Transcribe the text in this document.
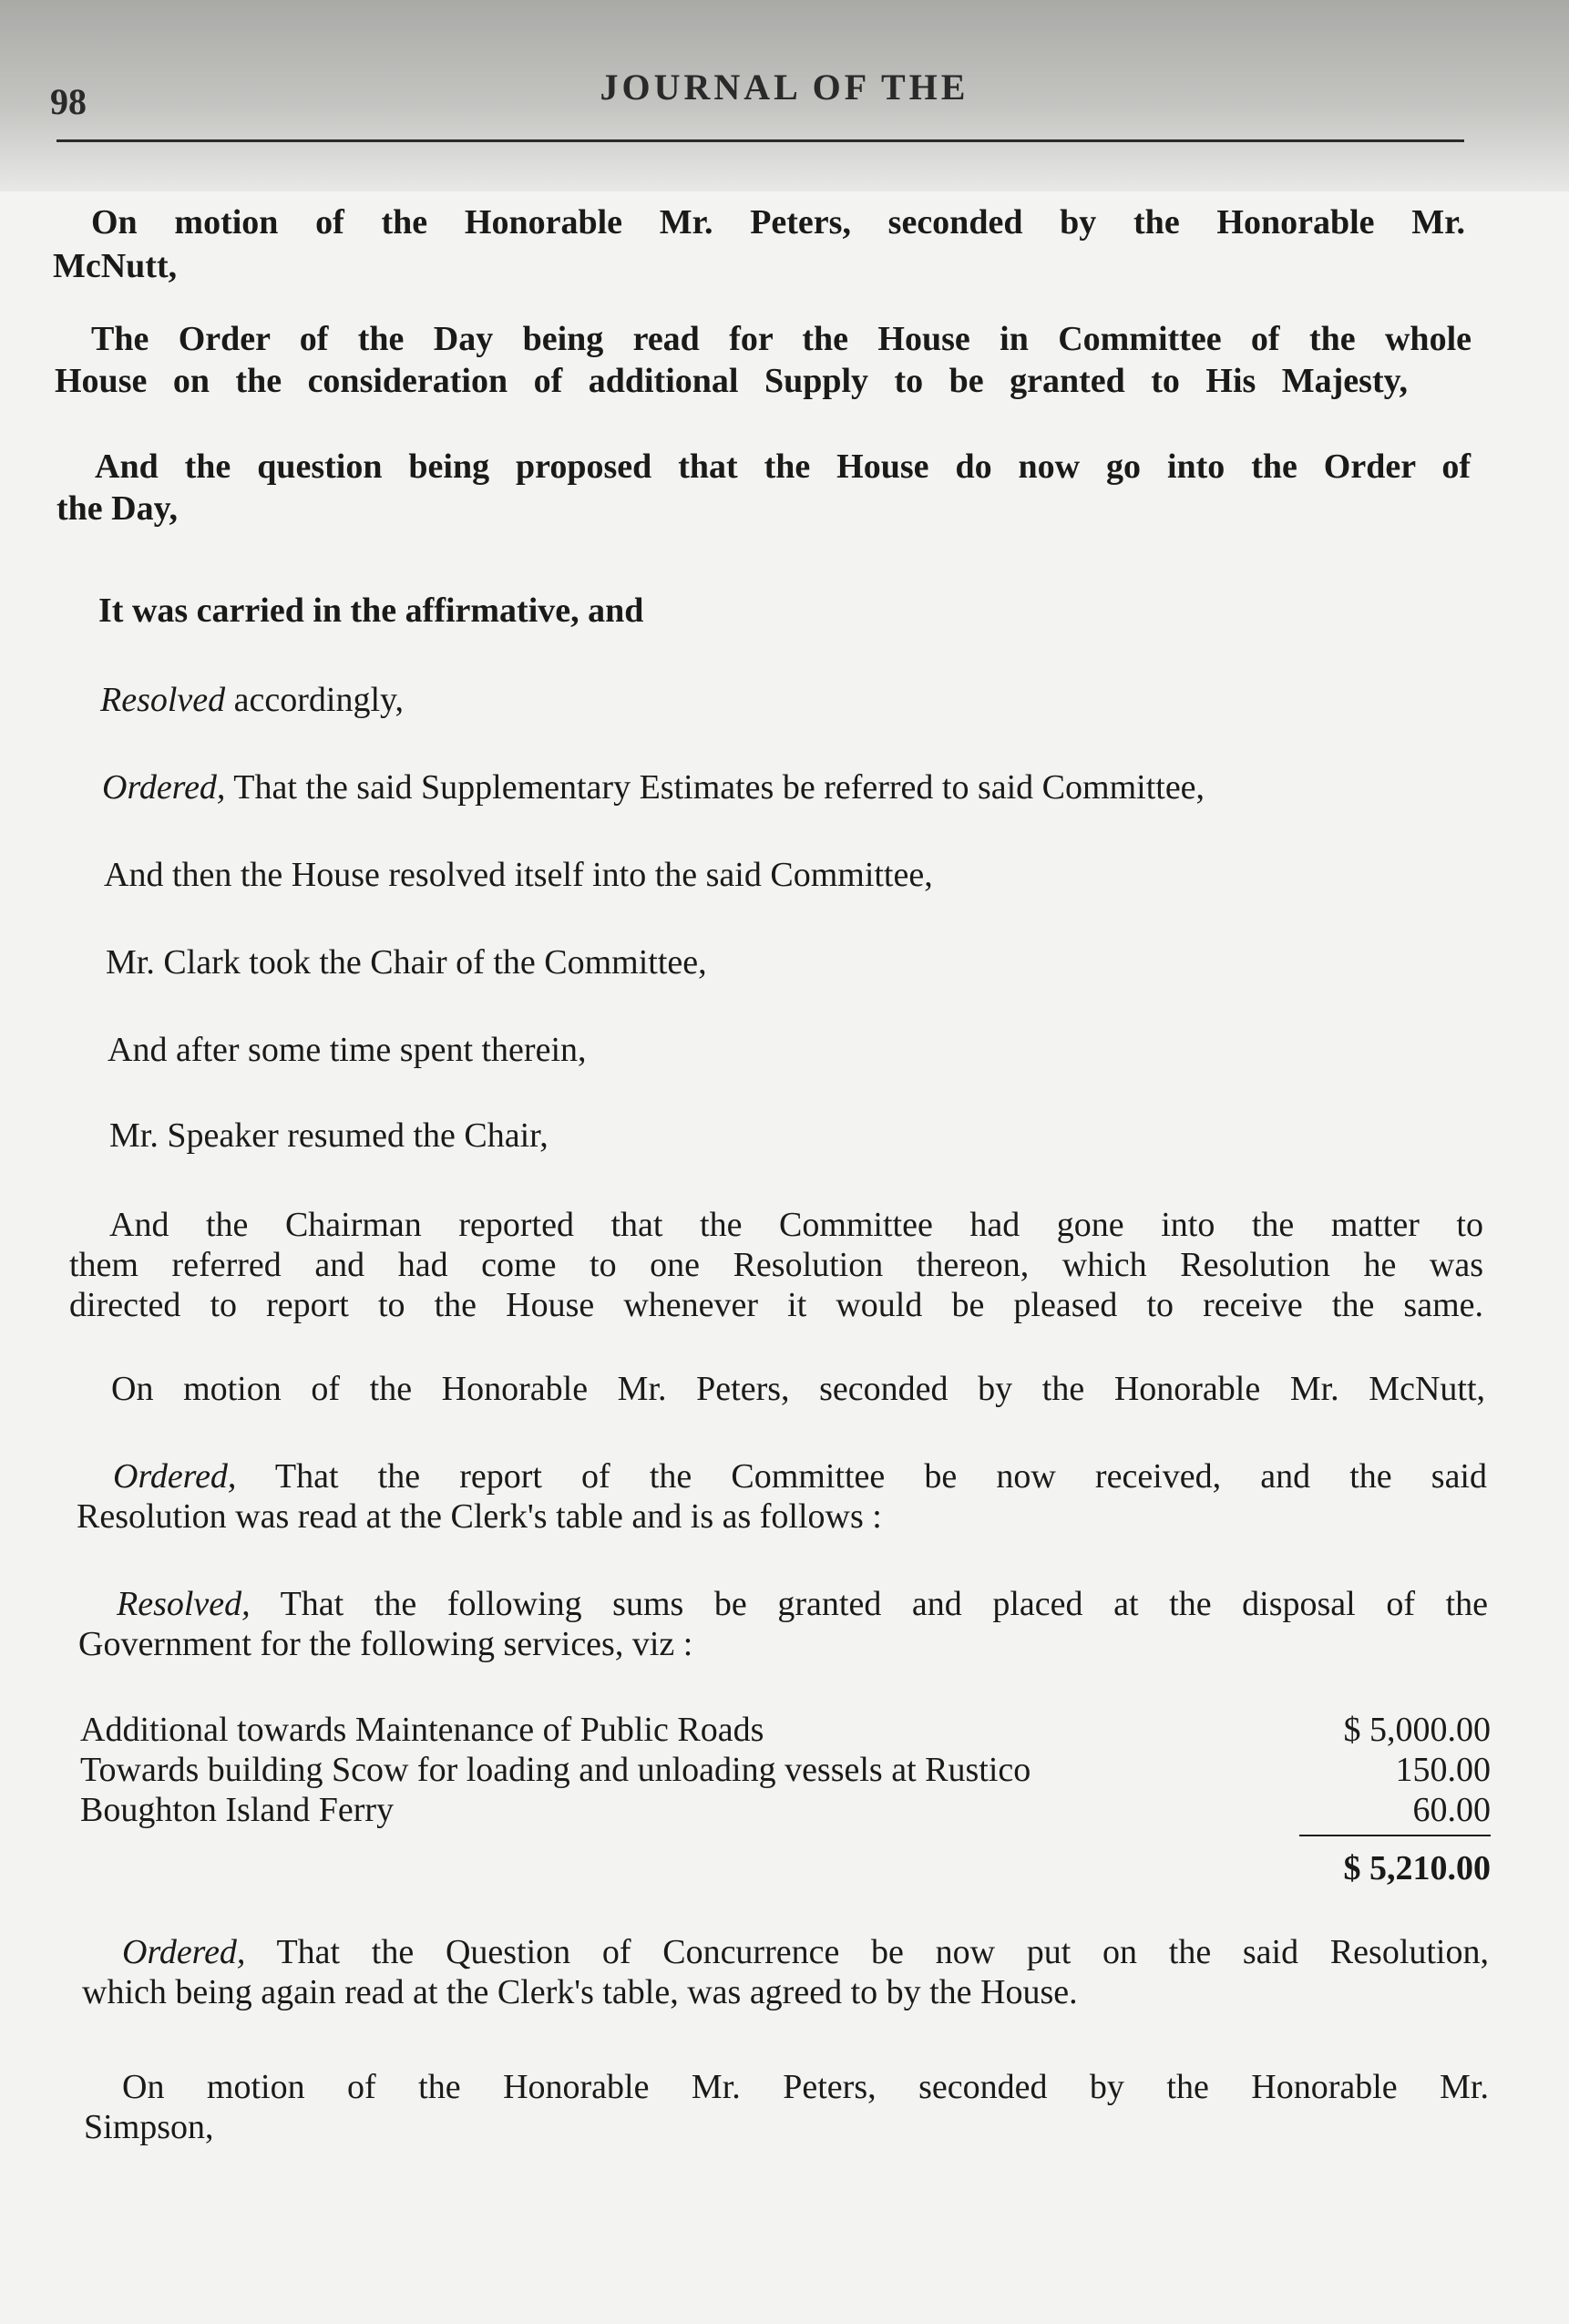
98	JOURNAL OF THE
On motion of the Honorable Mr. Peters, seconded by the Honorable Mr.
McNutt,
The Order of the Day being read for the House in Committee of the whole
House on the consideration of additional Supply to be granted to His Majesty,
And the question being proposed that the House do now go into the Order of
the Day,
It was carried in the affirmative, and
Resolved accordingly,
Ordered, That the said Supplementary Estimates be referred to said Committee,
And then the House resolved itself into the said Committee,
Mr. Clark took the Chair of the Committee,
And after some time spent therein,
Mr. Speaker resumed the Chair,
And the Chairman reported that the Committee had gone into the matter to
them referred and had come to one Resolution thereon, which Resolution he was
directed to report to the House whenever it would be pleased to receive the same.
On motion of the Honorable Mr. Peters, seconded by the Honorable Mr. McNutt,
Ordered, That the report of the Committee be now received, and the said
Resolution was read at the Clerk's table and is as follows :
Resolved, That the following sums be granted and placed at the disposal of the
Government for the following services, viz :
Additional towards Maintenance of Public Roads	$ 5,000.00
Towards building Scow for loading and unloading vessels at Rustico	150.00
Boughton Island Ferry	60.00
$ 5,210.00
Ordered, That the Question of Concurrence be now put on the said Resolution,
which being again read at the Clerk's table, was agreed to by the House.
On motion of the Honorable Mr. Peters, seconded by the Honorable Mr.
Simpson,
